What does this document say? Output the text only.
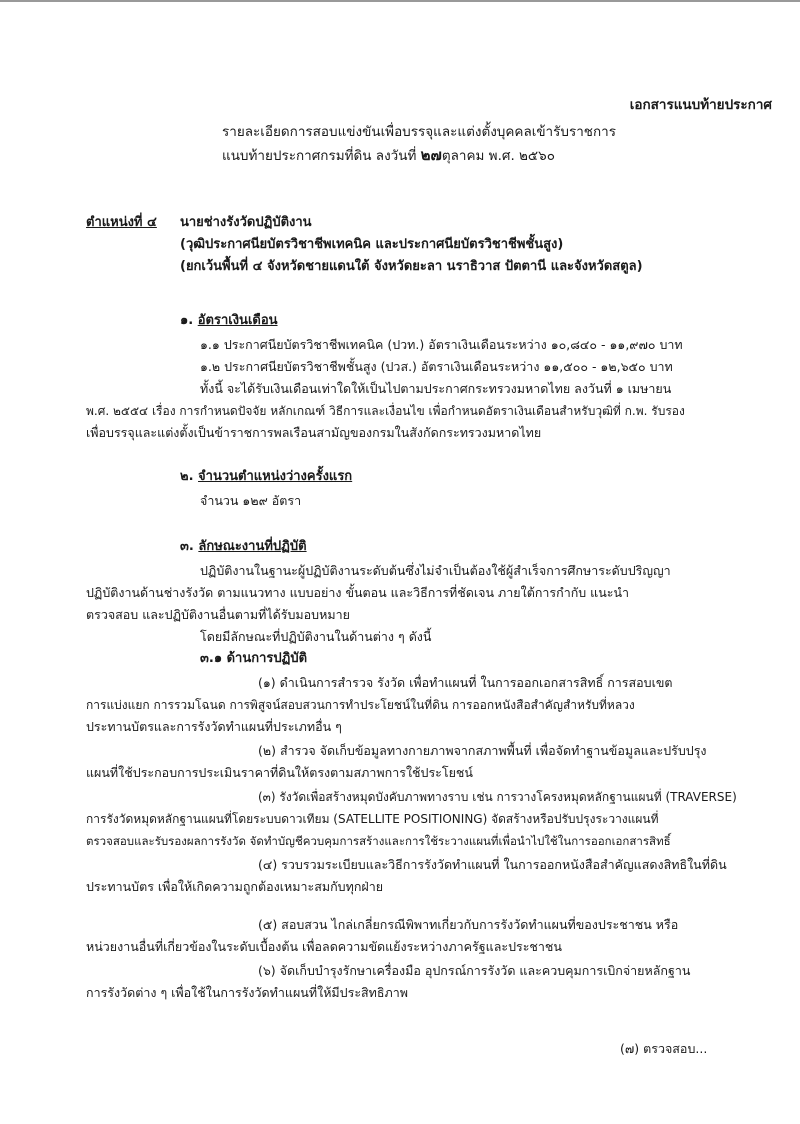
เอกสารแนบท้ายประกาศ
รายละเอียดการสอบแข่งขันเพื่อบรรจุและแต่งตั้งบุคคลเข้ารับราชการ
แนบท้ายประกาศกรมที่ดิน ลงวันที่ ๒๗ตุลาคม พ.ศ. ๒๕๖๐
ตำแหน่งที่ ๔ นายช่างรังวัดปฏิบัติงาน
(วุฒิประกาศนียบัตรวิชาชีพเทคนิค และประกาศนียบัตรวิชาชีพชั้นสูง)
(ยกเว้นพื้นที่ ๔ จังหวัดชายแดนใต้ จังหวัดยะลา นราธิวาส ปัตตานี และจังหวัดสตูล)
๑. อัตราเงินเดือน
๑.๑ ประกาศนียบัตรวิชาชีพเทคนิค (ปวท.) อัตราเงินเดือนระหว่าง ๑๐,๘๔๐ - ๑๑,๙๗๐ บาท
๑.๒ ประกาศนียบัตรวิชาชีพชั้นสูง (ปวส.) อัตราเงินเดือนระหว่าง ๑๑,๕๐๐ - ๑๒,๖๕๐ บาท
ทั้งนี้ จะได้รับเงินเดือนเท่าใดให้เป็นไปตามประกาศกระทรวงมหาดไทย ลงวันที่ ๑ เมษายน
พ.ศ. ๒๕๕๔ เรื่อง การกำหนดปัจจัย หลักเกณฑ์ วิธีการและเงื่อนไข เพื่อกำหนดอัตราเงินเดือนสำหรับวุฒิที่ ก.พ. รับรอง
เพื่อบรรจุและแต่งตั้งเป็นข้าราชการพลเรือนสามัญของกรมในสังกัดกระทรวงมหาดไทย
๒. จำนวนตำแหน่งว่างครั้งแรก
จำนวน ๑๒๙ อัตรา
๓. ลักษณะงานที่ปฏิบัติ
ปฏิบัติงานในฐานะผู้ปฏิบัติงานระดับต้นซึ่งไม่จำเป็นต้องใช้ผู้สำเร็จการศึกษาระดับปริญญา
ปฏิบัติงานด้านช่างรังวัด ตามแนวทาง แบบอย่าง ขั้นตอน และวิธีการที่ชัดเจน ภายใต้การกำกับ แนะนำ
ตรวจสอบ และปฏิบัติงานอื่นตามที่ได้รับมอบหมาย
โดยมีลักษณะที่ปฏิบัติงานในด้านต่าง ๆ ดังนี้
๓.๑ ด้านการปฏิบัติ
(๑) ดำเนินการสำรวจ รังวัด เพื่อทำแผนที่ ในการออกเอกสารสิทธิ์ การสอบเขต
การแบ่งแยก การรวมโฉนด การพิสูจน์สอบสวนการทำประโยชน์ในที่ดิน การออกหนังสือสำคัญสำหรับที่หลวง
ประทานบัตรและการรังวัดทำแผนที่ประเภทอื่น ๆ
(๒) สำรวจ จัดเก็บข้อมูลทางกายภาพจากสภาพพื้นที่ เพื่อจัดทำฐานข้อมูลและปรับปรุง
แผนที่ใช้ประกอบการประเมินราคาที่ดินให้ตรงตามสภาพการใช้ประโยชน์
(๓) รังวัดเพื่อสร้างหมุดบังคับภาพทางราบ เช่น การวางโครงหมุดหลักฐานแผนที่ (TRAVERSE)
การรังวัดหมุดหลักฐานแผนที่โดยระบบดาวเทียม (SATELLITE POSITIONING) จัดสร้างหรือปรับปรุงระวางแผนที่
ตรวจสอบและรับรองผลการรังวัด จัดทำบัญชีควบคุมการสร้างและการใช้ระวางแผนที่เพื่อนำไปใช้ในการออกเอกสารสิทธิ์
(๔) รวบรวมระเบียบและวิธีการรังวัดทำแผนที่ ในการออกหนังสือสำคัญแสดงสิทธิในที่ดิน
ประทานบัตร เพื่อให้เกิดความถูกต้องเหมาะสมกับทุกฝ่าย
(๕) สอบสวน ไกล่เกลี่ยกรณีพิพาทเกี่ยวกับการรังวัดทำแผนที่ของประชาชน หรือ
หน่วยงานอื่นที่เกี่ยวข้องในระดับเบื้องต้น เพื่อลดความขัดแย้งระหว่างภาครัฐและประชาชน
(๖) จัดเก็บบำรุงรักษาเครื่องมือ อุปกรณ์การรังวัด และควบคุมการเบิกจ่ายหลักฐาน
การรังวัดต่าง ๆ เพื่อใช้ในการรังวัดทำแผนที่ให้มีประสิทธิภาพ
(๗) ตรวจสอบ...
